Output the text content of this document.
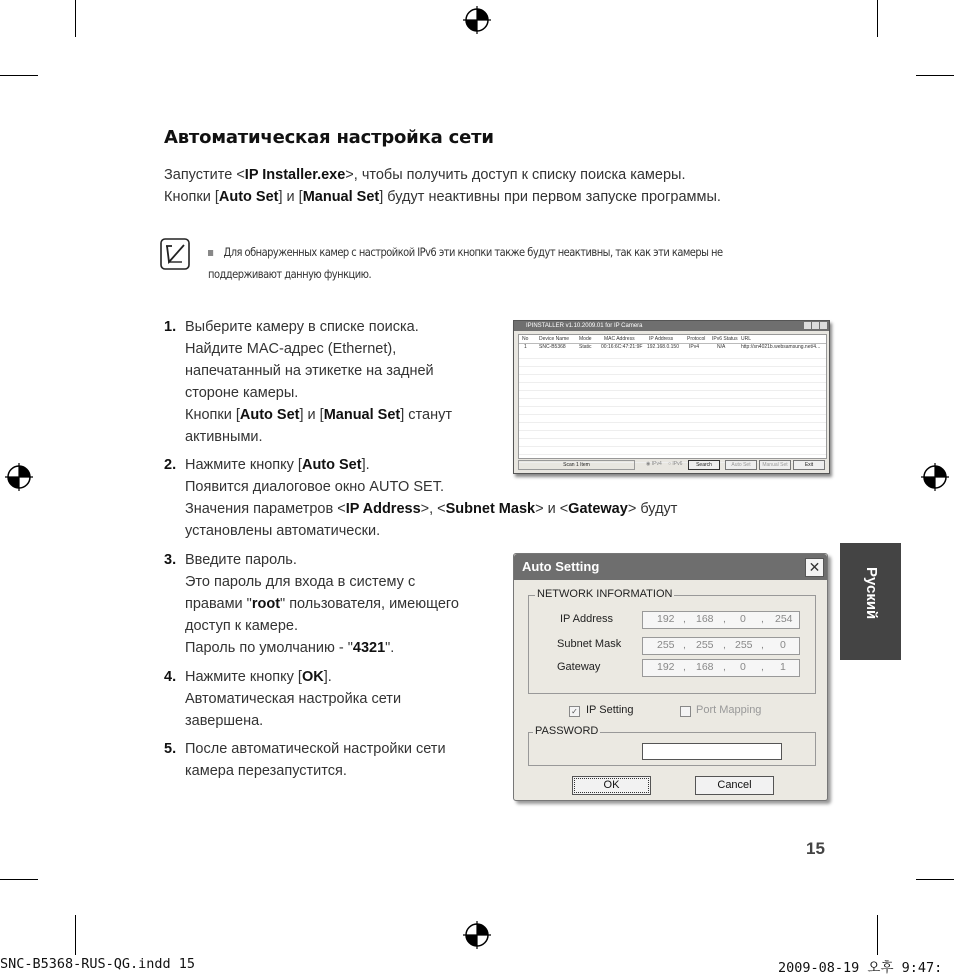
Автоматическая настройка сети
Запустите <IP Installer.exe>, чтобы получить доступ к списку поиска камеры.
Кнопки [Auto Set] и [Manual Set] будут неактивны при первом запуске программы.
Для обнаруженных камер с настройкой IPv6 эти кнопки также будут неактивны, так как эти камеры не
поддерживают данную функцию.
1. Выберите камеру в списке поиска.
Найдите MAC-адрес (Ethernet),
напечатанный на этикетке на задней
стороне камеры.
Кнопки [Auto Set] и [Manual Set] станут
активными.
2. Нажмите кнопку [Auto Set].
Появится диалоговое окно AUTO SET.
Значения параметров <IP Address>, <Subnet Mask> и <Gateway> будут
установлены автоматически.
3. Введите пароль.
Это пароль для входа в систему с
правами "root" пользователя, имеющего
доступ к камере.
Пароль по умолчанию - "4321".
4. Нажмите кнопку [OK].
Автоматическая настройка сети
завершена.
5. После автоматической настройки сети
камера перезапустится.
IPINSTALLER v1.10.2009.01 for IP Camera
No Device Name Mode MAC Address	IP Address	Protocol IPv6 Status URL
1 SNC-B5368	Static 00:16:6C:47:21:9F 192.168.0.150 IPv4	N/A	http://sn4021b.websamsung.net/4...
Scan 1 Item	◉ IPv4 ○ IPv6	Search	Auto Set	Manual Set	Exit
Auto Setting	✕
NETWORK INFORMATION
IP Address	192 , 168 , 0 , 254
Subnet Mask	255 , 255 , 255 , 0
Gateway	192 , 168 , 0 , 1
✓ IP Setting	Port Mapping
PASSWORD
OK	Cancel
Руский
15
SNC-B5368-RUS-QG.indd 15	2009-08-19 오후 9:47:
